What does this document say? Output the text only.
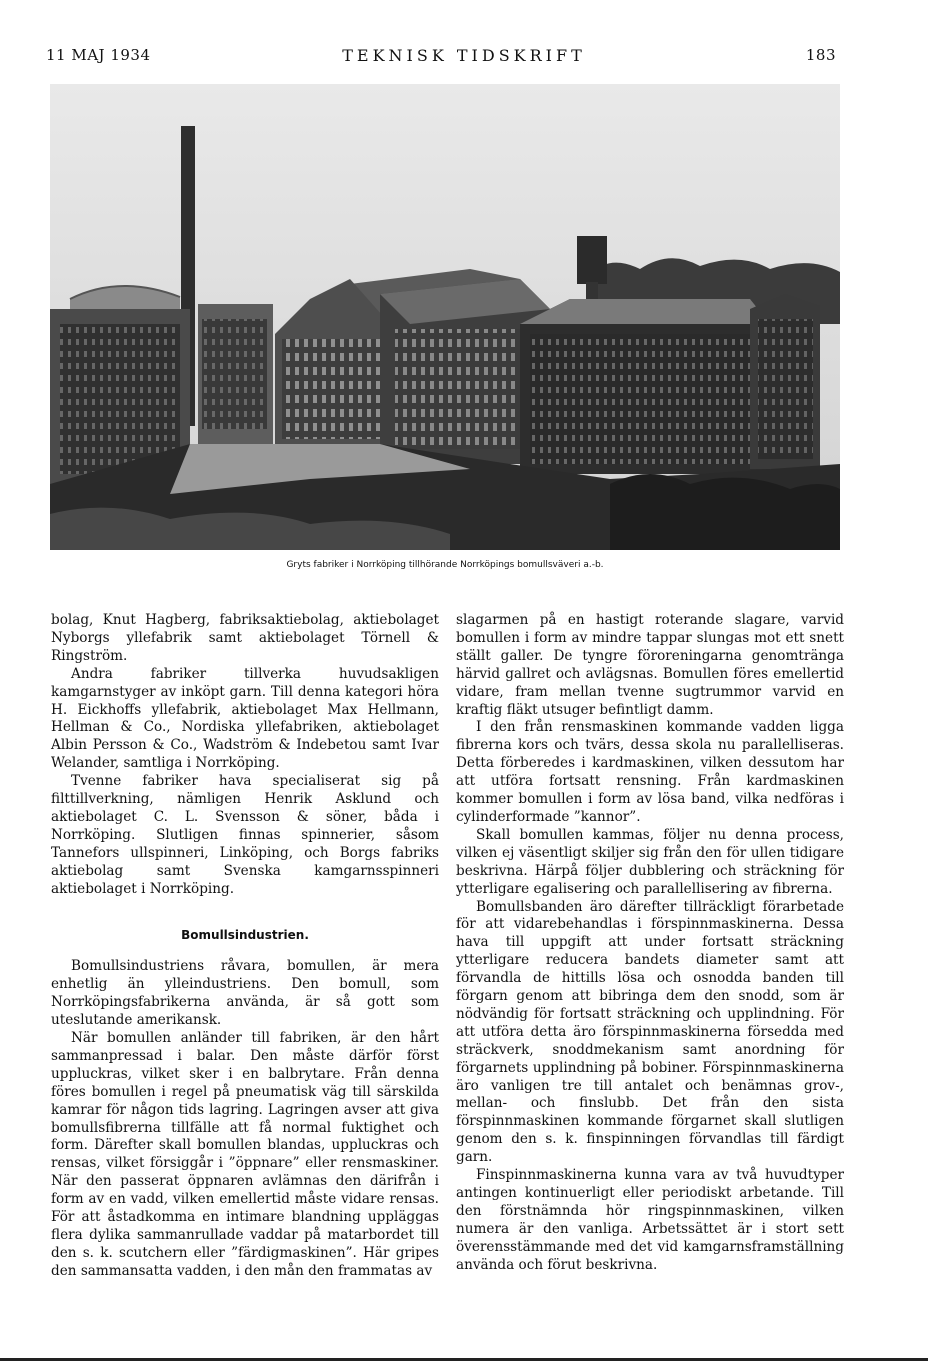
11 MAJ 1934	TEKNISK TIDSKRIFT	183
Gryts fabriker i Norrköping tillhörande Norrköpings bomullsväveri a.-b.

bolag, Knut Hagberg, fabriksaktiebolag, aktiebolaget Nyborgs yllefabrik samt aktiebolaget Törnell & Ringström.

Andra fabriker tillverka huvudsakligen kamgarnstyger av inköpt garn. Till denna kategori höra H. Eickhoffs yllefabrik, aktiebolaget Max Hellmann, Hellman & Co., Nordiska yllefabriken, aktiebolaget Albin Persson & Co., Wadström & Indebetou samt Ivar Welander, samtliga i Norrköping.

Tvenne fabriker hava specialiserat sig på filttillverkning, nämligen Henrik Asklund och aktiebolaget C. L. Svensson & söner, båda i Norrköping. Slutligen finnas spinnerier, såsom Tannefors ullspinneri, Linköping, och Borgs fabriks aktiebolag samt Svenska kamgarnsspinneri aktiebolaget i Norrköping.

Bomullsindustrien.

Bomullsindustriens råvara, bomullen, är mera enhetlig än ylleindustriens. Den bomull, som Norrköpingsfabrikerna använda, är så gott som uteslutande amerikansk.

När bomullen anländer till fabriken, är den hårt sammanpressad i balar. Den måste därför först uppluckras, vilket sker i en balbrytare. Från denna föres bomullen i regel på pneumatisk väg till särskilda kamrar för någon tids lagring. Lagringen avser att giva bomullsfibrerna tillfälle att få normal fuktighet och form. Därefter skall bomullen blandas, uppluckras och rensas, vilket försiggår i ”öppnare” eller rensmaskiner. När den passerat öppnaren avlämnas den därifrån i form av en vadd, vilken emellertid måste vidare rensas. För att åstadkomma en intimare blandning uppläggas flera dylika sammanrullade vaddar på matarbordet till den s. k. scutchern eller ”färdigmaskinen”. Här gripes den sammansatta vadden, i den mån den frammatas av

slagarmen på en hastigt roterande slagare, varvid bomullen i form av mindre tappar slungas mot ett snett ställt galler. De tyngre föroreningarna genomtränga härvid gallret och avlägsnas. Bomullen föres emellertid vidare, fram mellan tvenne sugtrummor varvid en kraftig fläkt utsuger befintligt damm.

I den från rensmaskinen kommande vadden ligga fibrerna kors och tvärs, dessa skola nu parallelliseras. Detta förberedes i kardmaskinen, vilken dessutom har att utföra fortsatt rensning. Från kardmaskinen kommer bomullen i form av lösa band, vilka nedföras i cylinderformade ”kannor”.

Skall bomullen kammas, följer nu denna process, vilken ej väsentligt skiljer sig från den för ullen tidigare beskrivna. Härpå följer dubblering och sträckning för ytterligare egalisering och parallellisering av fibrerna.

Bomullsbanden äro därefter tillräckligt förarbetade för att vidarebehandlas i förspinnmaskinerna. Dessa hava till uppgift att under fortsatt sträckning ytterligare reducera bandets diameter samt att förvandla de hittills lösa och osnodda banden till förgarn genom att bibringa dem den snodd, som är nödvändig för fortsatt sträckning och upplindning. För att utföra detta äro förspinnmaskinerna försedda med sträckverk, snoddmekanism samt anordning för förgarnets upplindning på bobiner. Förspinnmaskinerna äro vanligen tre till antalet och benämnas grov-, mellan- och finslubb. Det från den sista förspinnmaskinen kommande förgarnet skall slutligen genom den s. k. finspinningen förvandlas till färdigt garn.

Finspinnmaskinerna kunna vara av två huvudtyper antingen kontinuerligt eller periodiskt arbetande. Till den förstnämnda hör ringspinnmaskinen, vilken numera är den vanliga. Arbetssättet är i stort sett överensstämmande med det vid kamgarnsframställning använda och förut beskrivna.
